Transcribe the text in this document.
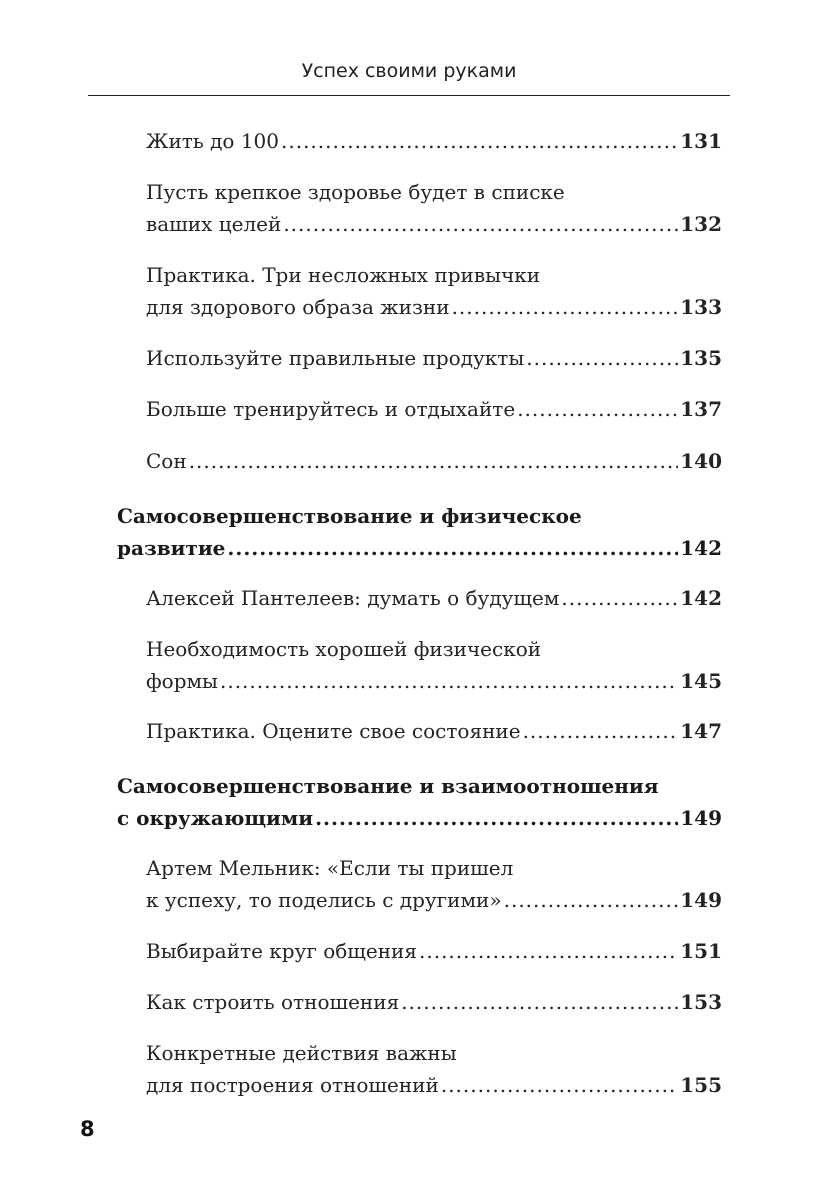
Успех своими руками
Жить до 100 .....	131
Пусть крепкое здоровье будет в списке
ваших целей .....	132
Практика. Три несложных привычки
для здорового образа жизни .....	133
Используйте правильные продукты .....	135
Больше тренируйтесь и отдыхайте .....	137
Сон .....	140
Самосовершенствование и физическое
развитие .....	142
Алексей Пантелеев: думать о будущем .....	142
Необходимость хорошей физической
формы .....	145
Практика. Оцените свое состояние .....	147
Самосовершенствование и взаимоотношения
с окружающими .....	149
Артем Мельник: «Если ты пришел
к успеху, то поделись с другими» .....	149
Выбирайте круг общения .....	151
Как строить отношения .....	153
Конкретные действия важны
для построения отношений .....	155
8
